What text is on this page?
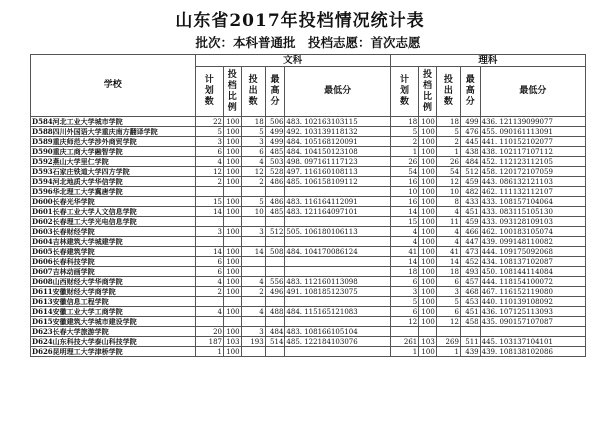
山东省2017年投档情况统计表
批次：本科普通批　投档志愿：首次志愿
学校	文科					理科				

	计
划
数	投
档
比
例	投
出
数	最
高
分	最低分	计
划
数	投
档
比
例	投
出
数	最
高
分	最低分

D584河北工业大学城市学院	22	100	18	506	483. 102163103115	18	100	18	499	436. 121139099077
D588四川外国语大学重庆南方翻译学院	5	100	5	499	492. 103139118132	5	100	5	476	455. 090161113091
D589重庆师范大学涉外商贸学院	3	100	3	499	484. 105168120091	2	100	2	445	441. 110152102077
D590重庆工商大学融智学院	6	100	6	485	484. 104150123108	1	100	1	438	438. 102117107112
D592燕山大学里仁学院	4	100	4	503	498. 097161117123	26	100	26	484	452. 112123112105
D593石家庄铁道大学四方学院	12	100	12	528	497. 116160108113	54	100	54	512	458. 120172107059
D594河北地质大学华信学院	2	100	2	486	485. 106158109112	16	100	12	459	443. 086132121103
D596华北理工大学冀唐学院						10	100	10	482	462. 111132112107
D600长春光华学院	15	100	5	486	483. 116164112091	16	100	8	433	433. 108157104064
D601长春工业大学人文信息学院	14	100	10	485	483. 121164097101	14	100	4	451	433. 083115105130
D602长春理工大学光电信息学院						15	100	11	459	433. 093128109103
D603长春财经学院	3	100	3	512	505. 106180106113	4	100	4	466	462. 100183105074
D604吉林建筑大学城建学院						4	100	4	447	439. 099148110082
D605长春建筑学院	14	100	14	508	484. 104170086124	41	100	41	473	444. 109175092068
D606长春科技学院	6	100				14	100	14	452	434. 108137102087
D607吉林动画学院	6	100				18	100	18	493	450. 108144114084
D608山西财经大学华商学院	4	100	4	556	483. 112160113098	6	100	6	457	444. 118154100072
D611安徽财经大学商学院	2	100	2	496	491. 108185123075	3	100	3	468	467. 116152119080
D613安徽信息工程学院						5	100	5	453	440. 110139108092
D614安徽工业大学工商学院	4	100	4	488	484. 115165121083	6	100	6	451	436. 107125113093
D615安徽建筑大学城市建设学院						12	100	12	458	435. 090157107087
D623长春大学旅游学院	20	100	3	484	483. 108166105104					
D624山东科技大学泰山科技学院	187	103	193	514	485. 122184103076	261	103	269	511	445. 103137104101
D626昆明理工大学津桥学院	1	100				1	100	1	439	439. 108138102086
